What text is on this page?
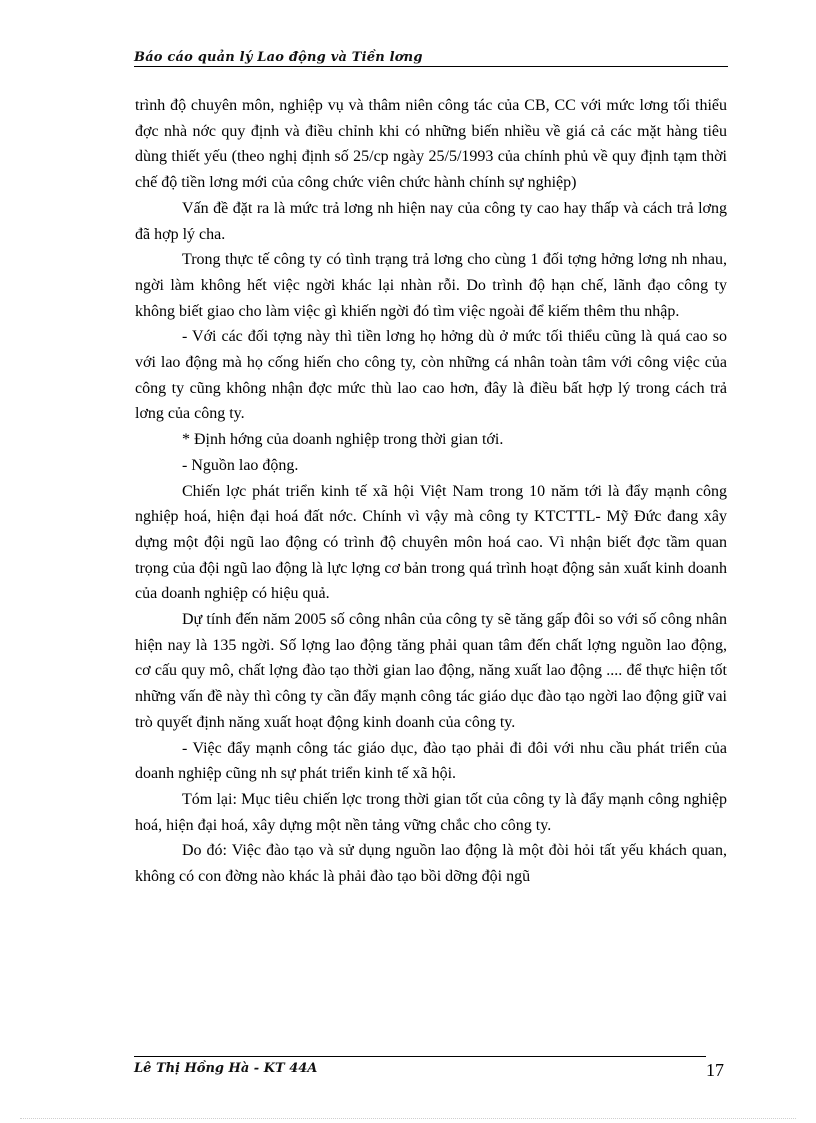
Báo cáo quản lý Lao động và Tiền lơng

trình độ chuyên môn, nghiệp vụ và thâm niên công tác của CB, CC với mức lơng tối thiểu đợc nhà nớc quy định và điều chỉnh khi có những biến nhiều về giá cả các mặt hàng tiêu dùng thiết yếu (theo nghị định số 25/cp ngày 25/5/1993 của chính phủ về quy định tạm thời chế độ tiền lơng mới của công chức viên chức hành chính sự nghiệp)

Vấn đề đặt ra là mức trả lơng nh hiện nay của công ty cao hay thấp và cách trả lơng đã hợp lý cha.

Trong thực tế công ty có tình trạng trả lơng cho cùng 1 đối tợng hởng lơng nh nhau, ngời làm không hết việc ngời khác lại nhàn rỗi. Do trình độ hạn chế, lãnh đạo công ty không biết giao cho làm việc gì khiến ngời đó tìm việc ngoài để kiếm thêm thu nhập.

- Với các đối tợng này thì tiền lơng họ hởng dù ở mức tối thiểu cũng là quá cao so với lao động mà họ cống hiến cho công ty, còn những cá nhân toàn tâm với công việc của công ty cũng không nhận đợc mức thù lao cao hơn, đây là điều bất hợp lý trong cách trả lơng của công ty.

* Định hớng của doanh nghiệp trong thời gian tới.

- Nguồn lao động.

Chiến lợc phát triển kinh tế xã hội Việt Nam trong 10 năm tới là đẩy mạnh công nghiệp hoá, hiện đại hoá đất nớc. Chính vì vậy mà công ty KTCTTL- Mỹ Đức đang xây dựng một đội ngũ lao động có trình độ chuyên môn hoá cao. Vì nhận biết đợc tầm quan trọng của đội ngũ lao động là lực lợng cơ bản trong quá trình hoạt động sản xuất kinh doanh của doanh nghiệp có hiệu quả.

Dự tính đến năm 2005 số công nhân của công ty sẽ tăng gấp đôi so với số công nhân hiện nay là 135 ngời. Số lợng lao động tăng phải quan tâm đến chất lợng nguồn lao động, cơ cấu quy mô, chất lợng đào tạo thời gian lao động, năng xuất lao động .... để thực hiện tốt những vấn đề này thì công ty cần đẩy mạnh công tác giáo dục đào tạo ngời lao động giữ vai trò quyết định năng xuất hoạt động kinh doanh của công ty.

- Việc đẩy mạnh công tác giáo dục, đào tạo phải đi đôi với nhu cầu phát triển của doanh nghiệp cũng nh sự phát triển kinh tế xã hội.

Tóm lại: Mục tiêu chiến lợc trong thời gian tốt của công ty là đẩy mạnh công nghiệp hoá, hiện đại hoá, xây dựng một nền tảng vững chắc cho công ty.

Do đó: Việc đào tạo và sử dụng nguồn lao động là một đòi hỏi tất yếu khách quan, không có con đờng nào khác là phải đào tạo bồi dỡng đội ngũ

Lê Thị Hồng Hà - KT 44A	17
